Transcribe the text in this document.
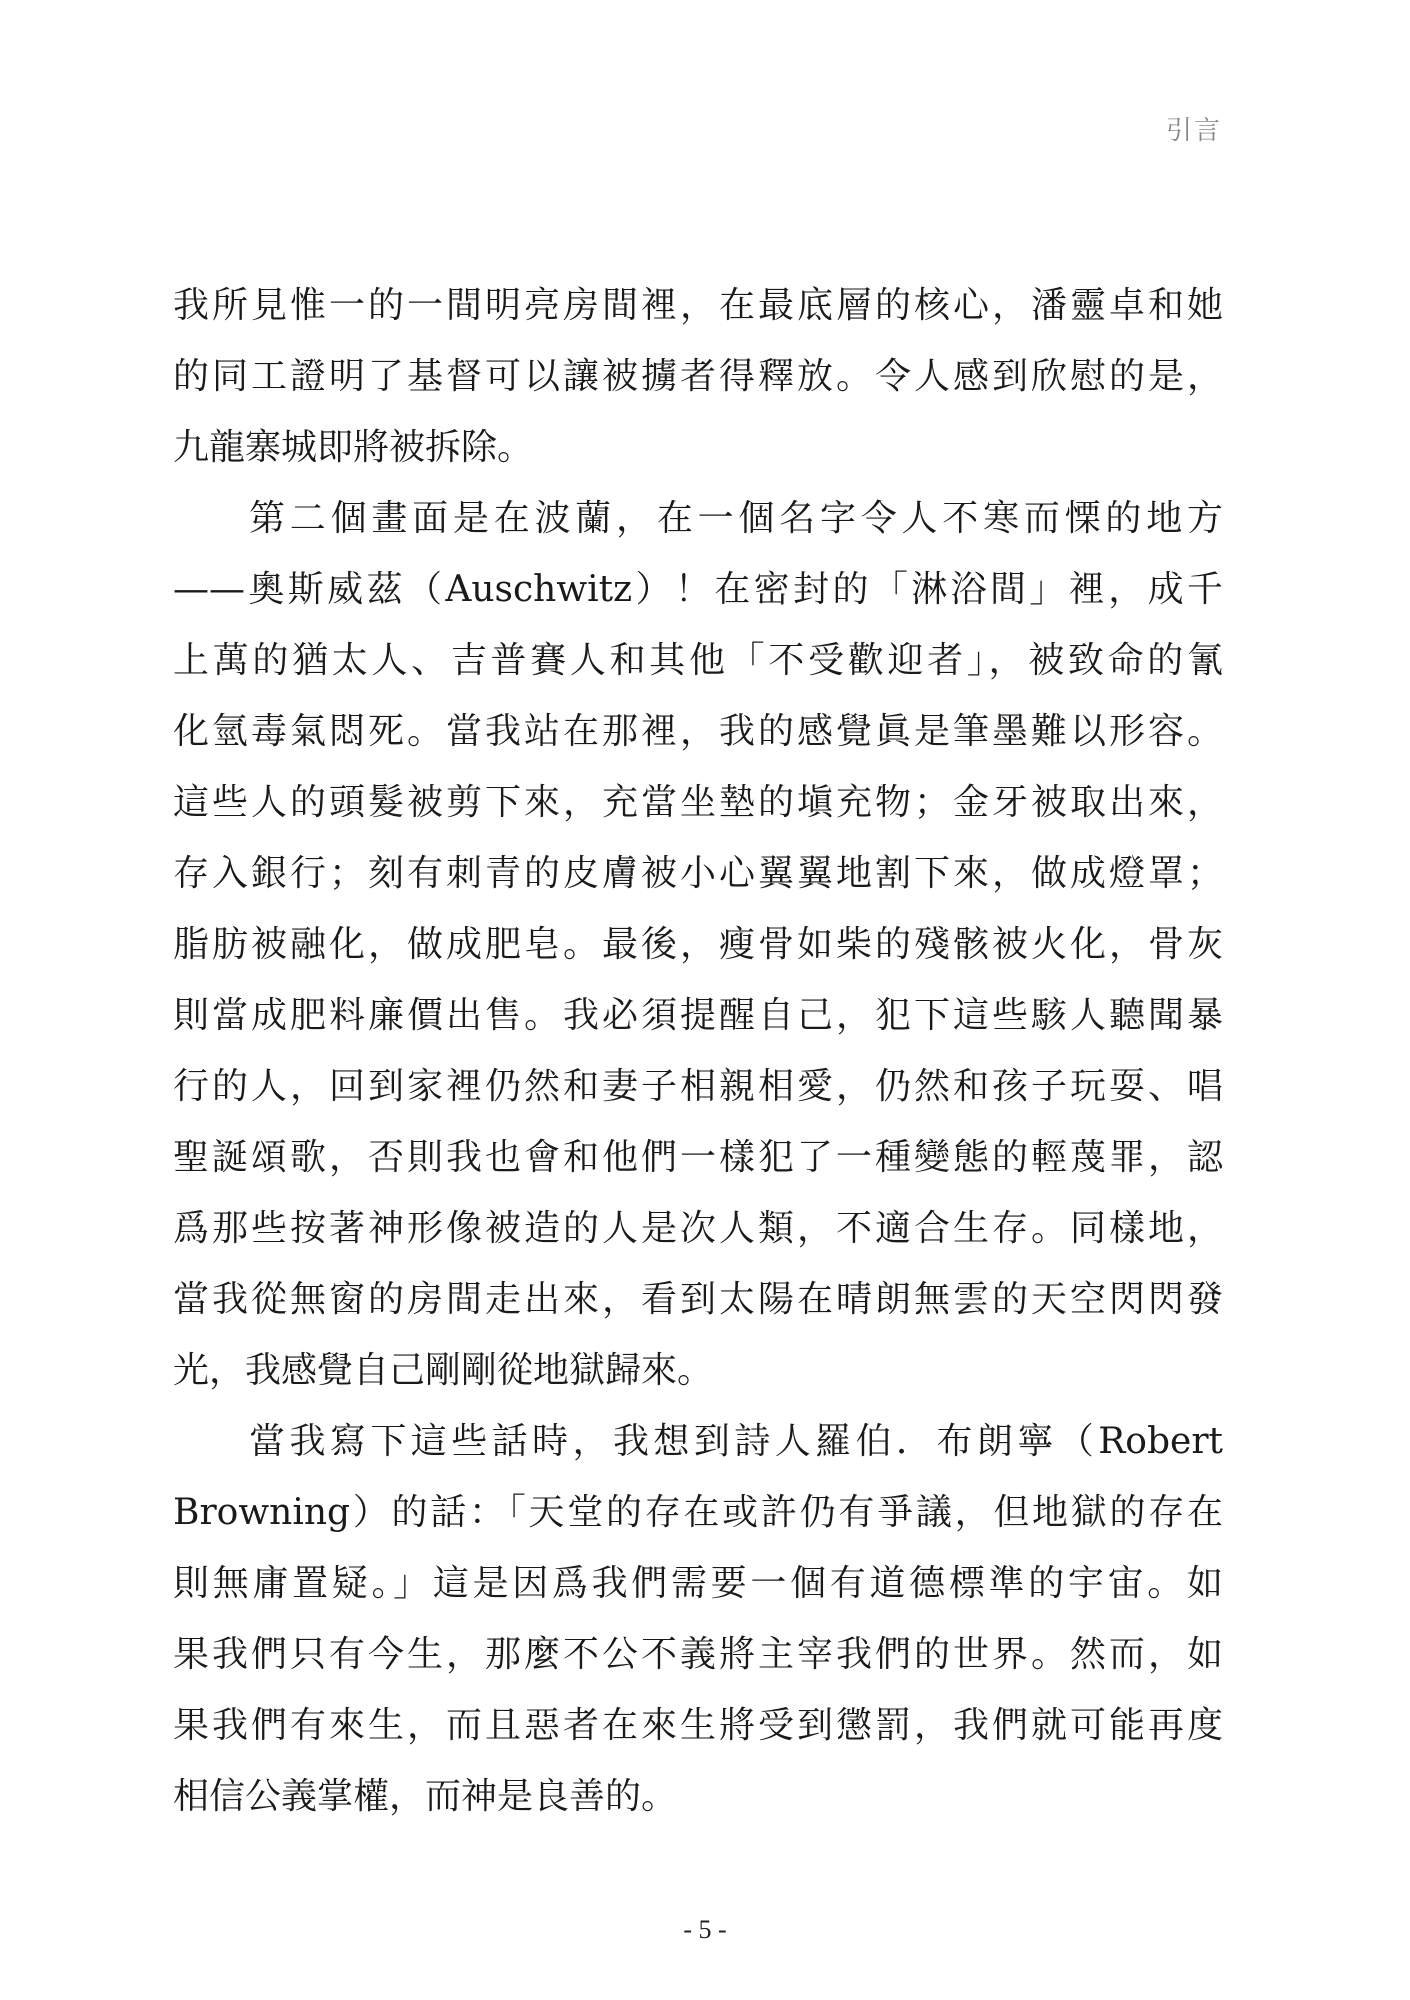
引言
我所見惟一的一間明亮房間裡，在最底層的核心，潘靈卓和她
的同工證明了基督可以讓被擄者得釋放。令人感到欣慰的是，
九龍寨城即將被拆除。
第二個畫面是在波蘭，在一個名字令人不寒而慄的地方
——奧斯威茲（Auschwitz）！在密封的「淋浴間」裡，成千
上萬的猶太人、吉普賽人和其他「不受歡迎者」，被致命的氰
化氫毒氣悶死。當我站在那裡，我的感覺眞是筆墨難以形容。
這些人的頭髮被剪下來，充當坐墊的塡充物；金牙被取出來，
存入銀行；刻有刺青的皮膚被小心翼翼地割下來，做成燈罩；
脂肪被融化，做成肥皂。最後，瘦骨如柴的殘骸被火化，骨灰
則當成肥料廉價出售。我必須提醒自己，犯下這些駭人聽聞暴
行的人，回到家裡仍然和妻子相親相愛，仍然和孩子玩耍、唱
聖誕頌歌，否則我也會和他們一樣犯了一種變態的輕蔑罪，認
爲那些按著神形像被造的人是次人類，不適合生存。同樣地，
當我從無窗的房間走出來，看到太陽在晴朗無雲的天空閃閃發
光，我感覺自己剛剛從地獄歸來。
當我寫下這些話時，我想到詩人羅伯．布朗寧（Robert
Browning）的話：「天堂的存在或許仍有爭議，但地獄的存在
則無庸置疑。」這是因爲我們需要一個有道德標準的宇宙。如
果我們只有今生，那麼不公不義將主宰我們的世界。然而，如
果我們有來生，而且惡者在來生將受到懲罰，我們就可能再度
相信公義掌權，而神是良善的。
- 5 -
